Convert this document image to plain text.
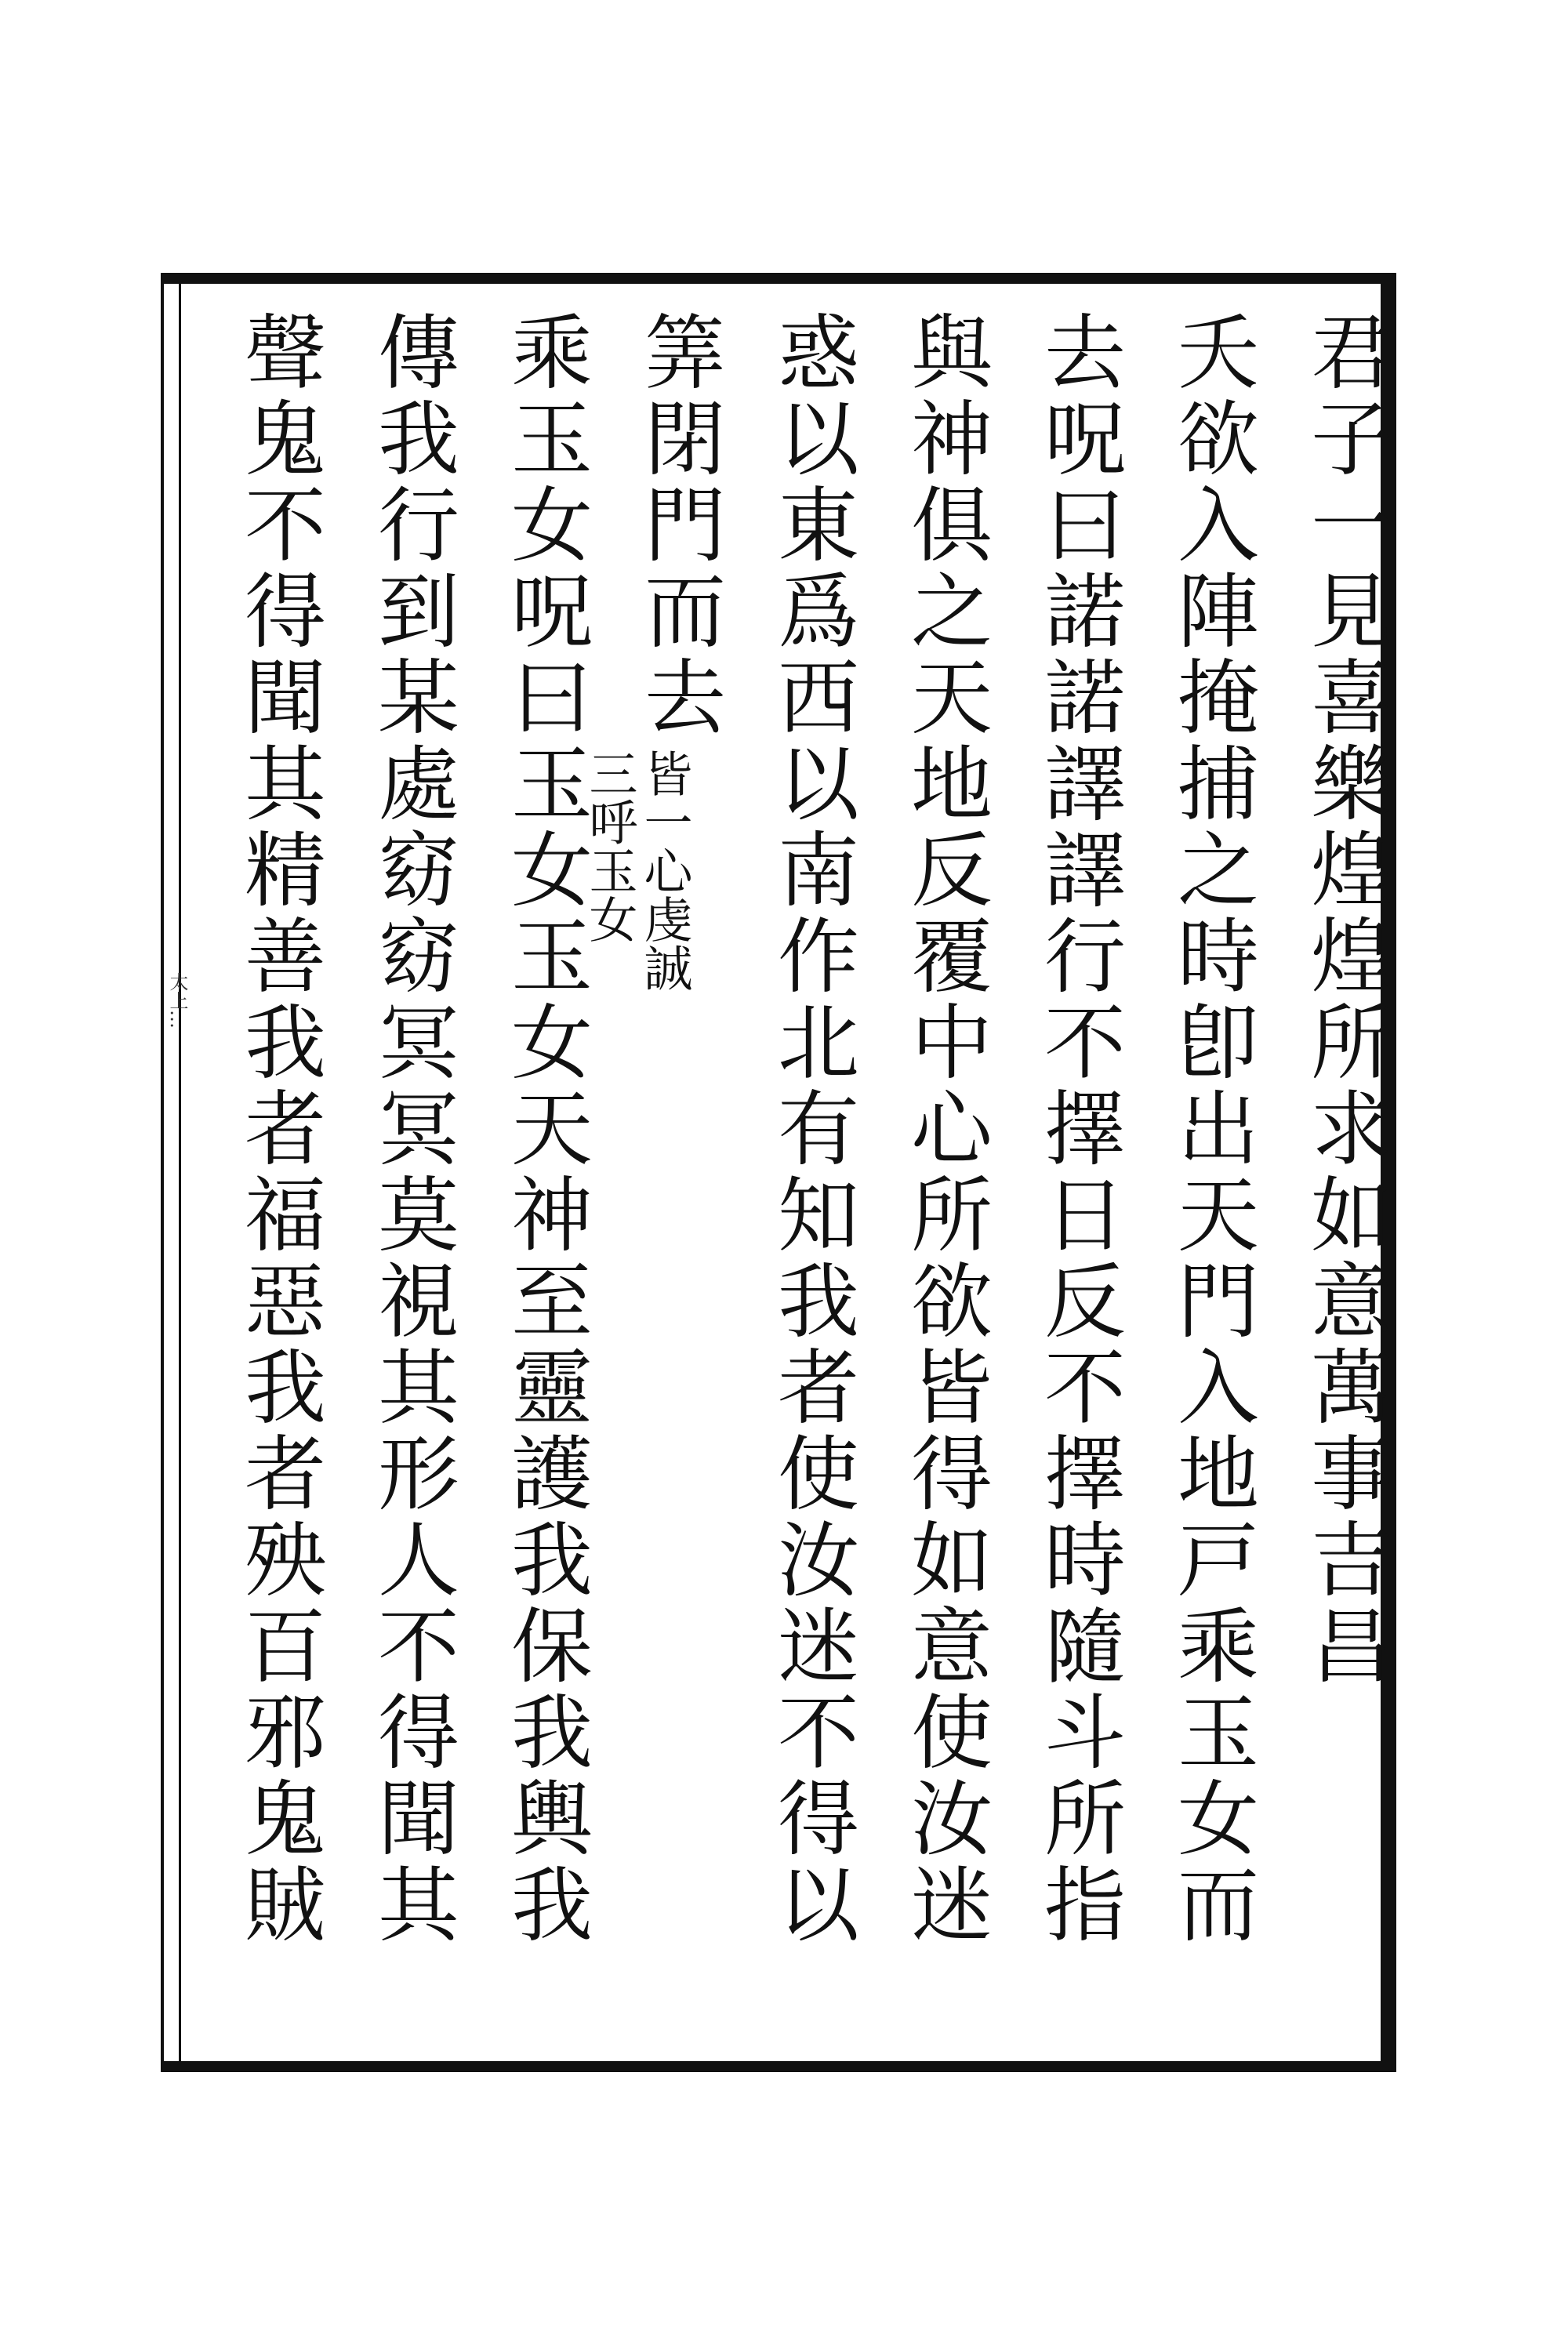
太上…	君子一見喜樂煌煌所求如意萬事吉昌
夭欲入陣掩捕之時卽出天門入地戸乘玉女而
去呪曰諾諾譯譯行不擇日反不擇時隨斗所指
與神俱之天地反覆中心所欲皆得如意使汝迷
惑以東爲西以南作北有知我者使汝迷不得以
筭閉門而去
皆一心虔誠
三呼玉女
乘玉女呪曰玉女玉女天神至靈護我保我輿我
傳我行到某處窈窈冥冥莫視其形人不得聞其
聲鬼不得聞其精善我者福惡我者殃百邪鬼賊
